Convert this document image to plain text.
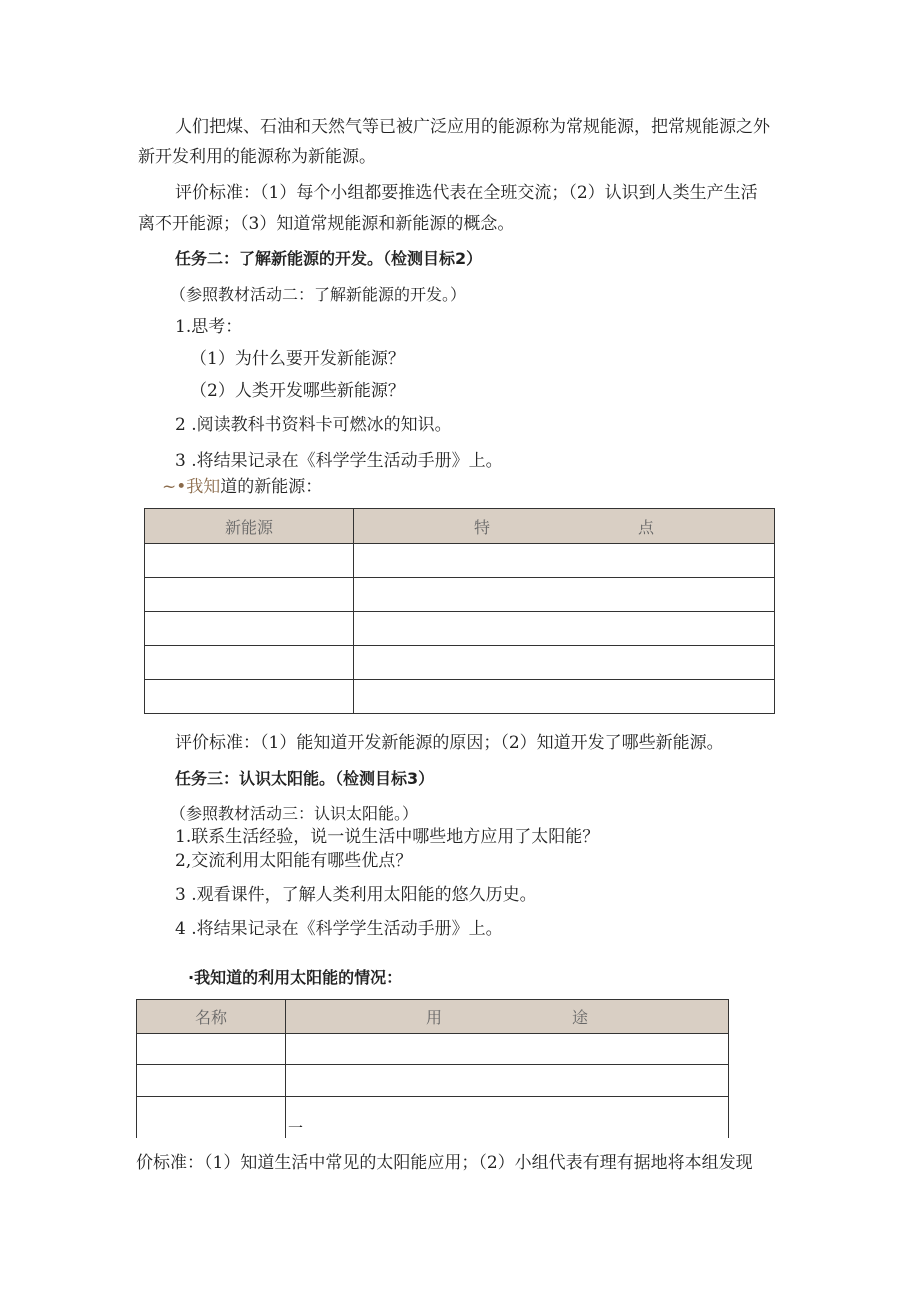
人们把煤、石油和天然气等已被广泛应用的能源称为常规能源，把常规能源之外
新开发利用的能源称为新能源。
评价标准：（1）每个小组都要推选代表在全班交流；（2）认识到人类生产生活
离不开能源；（3）知道常规能源和新能源的概念。
任务二：了解新能源的开发。（检测目标2）
（参照教材活动二：了解新能源的开发。）
1.思考：
（1）为什么要开发新能源？
（2）人类开发哪些新能源？
2 .阅读教科书资料卡可燃冰的知识。
3 .将结果记录在《科学学生活动手册》上。
~•我知道的新能源：
新能源	特 点

评价标准：（1）能知道开发新能源的原因；（2）知道开发了哪些新能源。
任务三：认识太阳能。（检测目标3）
（参照教材活动三：认识太阳能。）
1.联系生活经验，说一说生活中哪些地方应用了太阳能？
2,交流利用太阳能有哪些优点？
3 .观看课件，了解人类利用太阳能的悠久历史。
4 .将结果记录在《科学学生活动手册》上。
·我知道的利用太阳能的情况：
名称	用 途

	一
价标准：（1）知道生活中常见的太阳能应用；（2）小组代表有理有据地将本组发现
